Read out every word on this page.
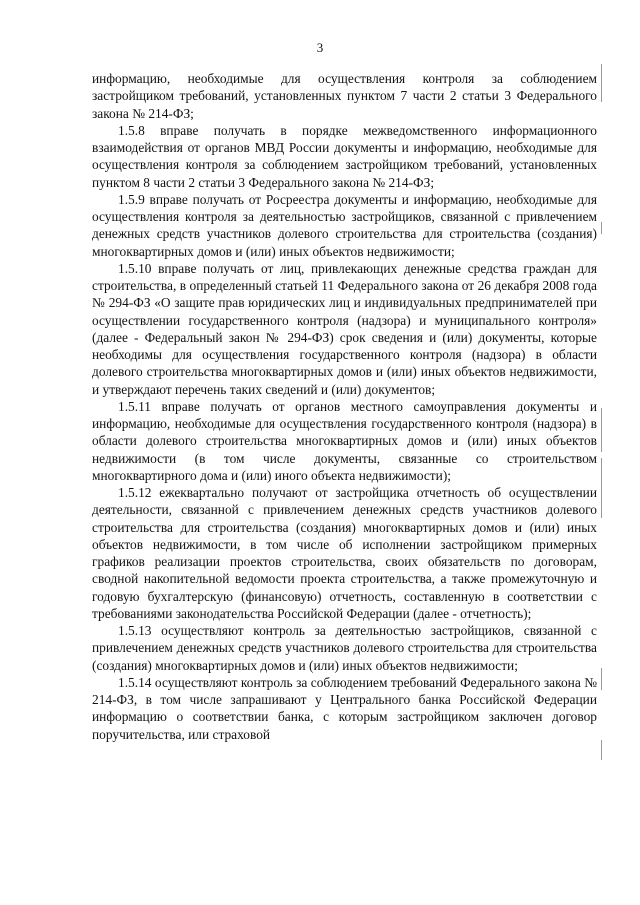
3

информацию, необходимые для осуществления контроля за соблюдением застройщиком требований, установленных пунктом 7 части 2 статьи 3 Федерального закона № 214-ФЗ;

1.5.8 вправе получать в порядке межведомственного информационного взаимодействия от органов МВД России документы и информацию, необходимые для осуществления контроля за соблюдением застройщиком требований, установленных пунктом 8 части 2 статьи 3 Федерального закона № 214-ФЗ;

1.5.9 вправе получать от Росреестра документы и информацию, необходимые для осуществления контроля за деятельностью застройщиков, связанной с привлечением денежных средств участников долевого строительства для строительства (создания) многоквартирных домов и (или) иных объектов недвижимости;

1.5.10 вправе получать от лиц, привлекающих денежные средства граждан для строительства, в определенный статьей 11 Федерального закона от 26 декабря 2008 года № 294-ФЗ «О защите прав юридических лиц и индивидуальных предпринимателей при осуществлении государственного контроля (надзора) и муниципального контроля» (далее - Федеральный закон № 294-ФЗ) срок сведения и (или) документы, которые необходимы для осуществления государственного контроля (надзора) в области долевого строительства многоквартирных домов и (или) иных объектов недвижимости, и утверждают перечень таких сведений и (или) документов;

1.5.11 вправе получать от органов местного самоуправления документы и информацию, необходимые для осуществления государственного контроля (надзора) в области долевого строительства многоквартирных домов и (или) иных объектов недвижимости (в том числе документы, связанные со строительством многоквартирного дома и (или) иного объекта недвижимости);

1.5.12 ежеквартально получают от застройщика отчетность об осуществлении деятельности, связанной с привлечением денежных средств участников долевого строительства для строительства (создания) многоквартирных домов и (или) иных объектов недвижимости, в том числе об исполнении застройщиком примерных графиков реализации проектов строительства, своих обязательств по договорам, сводной накопительной ведомости проекта строительства, а также промежуточную и годовую бухгалтерскую (финансовую) отчетность, составленную в соответствии с требованиями законодательства Российской Федерации (далее - отчетность);

1.5.13 осуществляют контроль за деятельностью застройщиков, связанной с привлечением денежных средств участников долевого строительства для строительства (создания) многоквартирных домов и (или) иных объектов недвижимости;

1.5.14 осуществляют контроль за соблюдением требований Федерального закона № 214-ФЗ, в том числе запрашивают у Центрального банка Российской Федерации информацию о соответствии банка, с которым застройщиком заключен договор поручительства, или страховой
